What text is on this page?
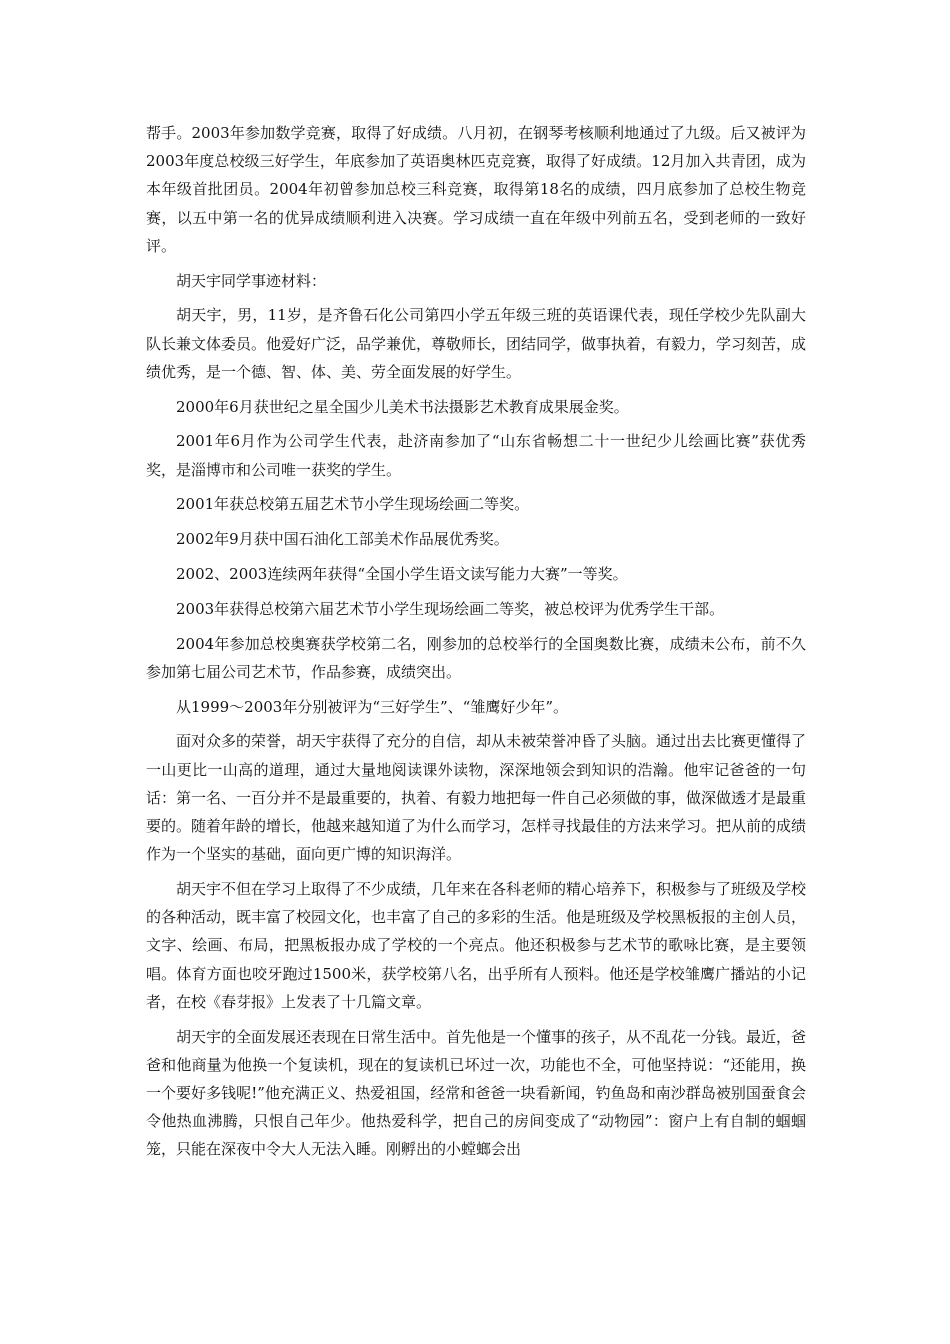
帮手。2003年参加数学竞赛，取得了好成绩。八月初，在钢琴考核顺利地通过了九级。后又被评为2003年度总校级三好学生，年底参加了英语奥林匹克竞赛，取得了好成绩。12月加入共青团，成为本年级首批团员。2004年初曾参加总校三科竞赛，取得第18名的成绩，四月底参加了总校生物竞赛，以五中第一名的优异成绩顺利进入决赛。学习成绩一直在年级中列前五名，受到老师的一致好评。

胡天宇同学事迹材料：

胡天宇，男，11岁，是齐鲁石化公司第四小学五年级三班的英语课代表，现任学校少先队副大队长兼文体委员。他爱好广泛，品学兼优，尊敬师长，团结同学，做事执着，有毅力，学习刻苦，成绩优秀，是一个德、智、体、美、劳全面发展的好学生。

2000年6月获世纪之星全国少儿美术书法摄影艺术教育成果展金奖。

2001年6月作为公司学生代表，赴济南参加了“山东省畅想二十一世纪少儿绘画比赛”获优秀奖，是淄博市和公司唯一获奖的学生。

2001年获总校第五届艺术节小学生现场绘画二等奖。

2002年9月获中国石油化工部美术作品展优秀奖。

2002、2003连续两年获得“全国小学生语文读写能力大赛”一等奖。

2003年获得总校第六届艺术节小学生现场绘画二等奖，被总校评为优秀学生干部。

2004年参加总校奥赛获学校第二名，刚参加的总校举行的全国奥数比赛，成绩未公布，前不久参加第七届公司艺术节，作品参赛，成绩突出。

从1999～2003年分别被评为“三好学生”、“雏鹰好少年”。

面对众多的荣誉，胡天宇获得了充分的自信，却从未被荣誉冲昏了头脑。通过出去比赛更懂得了一山更比一山高的道理，通过大量地阅读课外读物，深深地领会到知识的浩瀚。他牢记爸爸的一句话：第一名、一百分并不是最重要的，执着、有毅力地把每一件自己必须做的事，做深做透才是最重要的。随着年龄的增长，他越来越知道了为什么而学习，怎样寻找最佳的方法来学习。把从前的成绩作为一个坚实的基础，面向更广博的知识海洋。

胡天宇不但在学习上取得了不少成绩，几年来在各科老师的精心培养下，积极参与了班级及学校的各种活动，既丰富了校园文化，也丰富了自己的多彩的生活。他是班级及学校黑板报的主创人员，文字、绘画、布局，把黑板报办成了学校的一个亮点。他还积极参与艺术节的歌咏比赛，是主要领唱。体育方面也咬牙跑过1500米，获学校第八名，出乎所有人预料。他还是学校雏鹰广播站的小记者，在校《春芽报》上发表了十几篇文章。

胡天宇的全面发展还表现在日常生活中。首先他是一个懂事的孩子，从不乱花一分钱。最近，爸爸和他商量为他换一个复读机，现在的复读机已坏过一次，功能也不全，可他坚持说：“还能用，换一个要好多钱呢!”他充满正义、热爱祖国，经常和爸爸一块看新闻，钓鱼岛和南沙群岛被别国蚕食会令他热血沸腾，只恨自己年少。他热爱科学，把自己的房间变成了“动物园”：窗户上有自制的蝈蝈笼，只能在深夜中令大人无法入睡。刚孵出的小螳螂会出
